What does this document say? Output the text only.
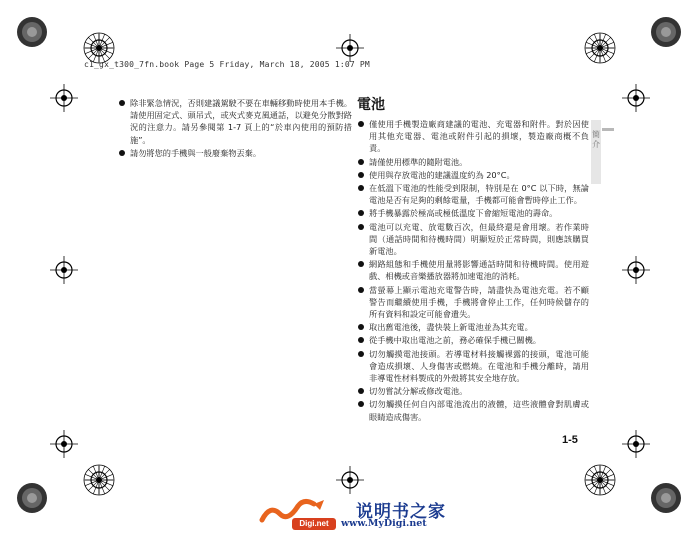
c1_gx_t300_7fn.book Page 5 Friday, March 18, 2005 1:07 PM
除非緊急情況，否則建議駕駛不要在車輛移動時使用本手機。請使用固定式、頭吊式，或夾式麥克風通話，以避免分散對路況的注意力。請另參閱第 1-7 頁上的“於車內使用的預防措施”。
請勿將您的手機與一般廢棄物丟棄。
電池
僅使用手機製造廠商建議的電池、充電器和附件。對於因使用其他充電器、電池或附件引起的損壞，製造廠商概不負責。
請僅使用標準的隨附電池。
使用與存放電池的建議溫度約為 20°C。
在低溫下電池的性能受到限制，特別是在 0°C 以下時，無論電池是否有足夠的剩餘電量，手機都可能會暫時停止工作。
將手機暴露於極高或極低溫度下會縮短電池的壽命。
電池可以充電、放電數百次，但最終還是會用壞。若作業時間（通話時間和待機時間）明顯短於正常時間，則應該購買新電池。
網路組態和手機使用量將影響通話時間和待機時間。使用遊戲、相機或音樂播放器將加速電池的消耗。
當螢幕上顯示電池充電警告時，請盡快為電池充電。若不顧警告而繼續使用手機，手機將會停止工作，任何時候儲存的所有資料和設定可能會遺失。
取出舊電池後，盡快裝上新電池並為其充電。
從手機中取出電池之前，務必確保手機已關機。
切勿觸摸電池接頭。若導電材料接觸裸露的接頭，電池可能會造成損壞、人身傷害或燃燒。在電池和手機分離時，請用非導電性材料製成的外殼將其安全地存放。
切勿嘗試分解或修改電池。
切勿觸摸任何自內部電池流出的液體，這些液體會對肌膚或眼睛造成傷害。
簡介
1-5
Digi.net
说明书之家
www.MyDigi.net
